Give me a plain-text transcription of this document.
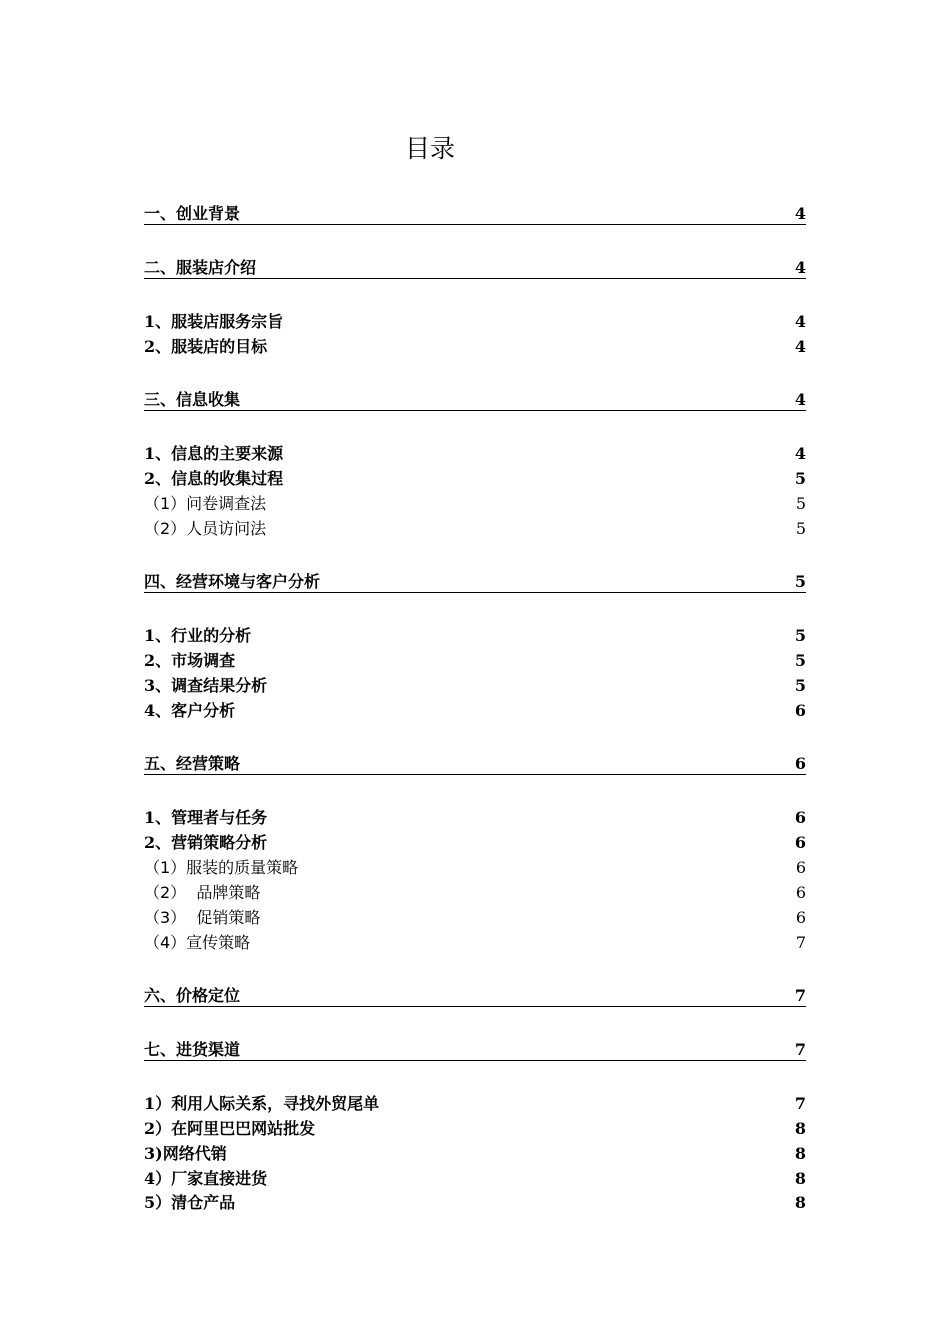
目录
一、创业背景	4
二、服装店介绍	4
1、服装店服务宗旨	4
2、服装店的目标	4
三、信息收集	4
1、信息的主要来源	4
2、信息的收集过程	5
（1）问卷调查法	5
（2）人员访问法	5
四、经营环境与客户分析	5
1、行业的分析	5
2、市场调查	5
3、调查结果分析	5
4、客户分析	6
五、经营策略	6
1、管理者与任务	6
2、营销策略分析	6
（1）服装的质量策略	6
（2）  品牌策略	6
（3）  促销策略	6
（4）宣传策略	7
六、价格定位	7
七、进货渠道	7
1）利用人际关系，寻找外贸尾单	7
2）在阿里巴巴网站批发	8
3)网络代销	8
4）厂家直接进货	8
5）清仓产品	8
